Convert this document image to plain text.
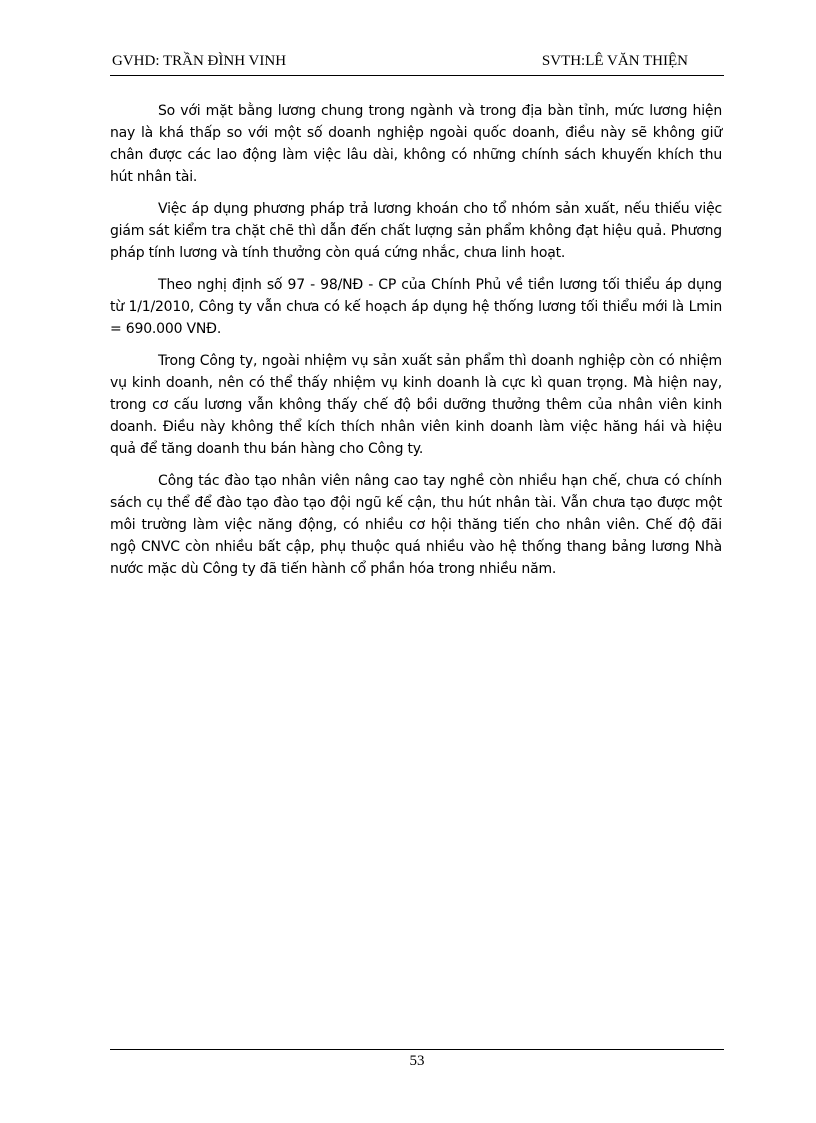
GVHD: TRẦN ĐÌNH VINH	SVTH:LÊ VĂN THIỆN

So với mặt bằng lương chung trong ngành và trong địa bàn tỉnh, mức lương hiện nay là khá thấp so với một số doanh nghiệp ngoài quốc doanh, điều này sẽ không giữ chân được các lao động làm việc lâu dài, không có những chính sách khuyến khích thu hút nhân tài.

Việc áp dụng phương pháp trả lương khoán cho tổ nhóm sản xuất, nếu thiếu việc giám sát kiểm tra chặt chẽ thì dẫn đến chất lượng sản phẩm không đạt hiệu quả. Phương pháp tính lương và tính thưởng còn quá cứng nhắc, chưa linh hoạt.

Theo nghị định số 97 - 98/NĐ - CP của Chính Phủ về tiền lương tối thiểu áp dụng từ 1/1/2010, Công ty vẫn chưa có kế hoạch áp dụng hệ thống lương tối thiểu mới là Lmin = 690.000 VNĐ.

Trong Công ty, ngoài nhiệm vụ sản xuất sản phẩm thì doanh nghiệp còn có nhiệm vụ kinh doanh, nên có thể thấy nhiệm vụ kinh doanh là cực kì quan trọng. Mà hiện nay, trong cơ cấu lương vẫn không thấy chế độ bồi dưỡng thưởng thêm của nhân viên kinh doanh. Điều này không thể kích thích nhân viên kinh doanh làm việc hăng hái và hiệu quả để tăng doanh thu bán hàng cho Công ty.

Công tác đào tạo nhân viên nâng cao tay nghề còn nhiều hạn chế, chưa có chính sách cụ thể để đào tạo đào tạo đội ngũ kế cận, thu hút nhân tài. Vẫn chưa tạo được một môi trường làm việc năng động, có nhiều cơ hội thăng tiến cho nhân viên. Chế độ đãi ngộ CNVC còn nhiều bất cập, phụ thuộc quá nhiều vào hệ thống thang bảng lương Nhà nước mặc dù Công ty đã tiến hành cổ phần hóa trong nhiều năm.

53
